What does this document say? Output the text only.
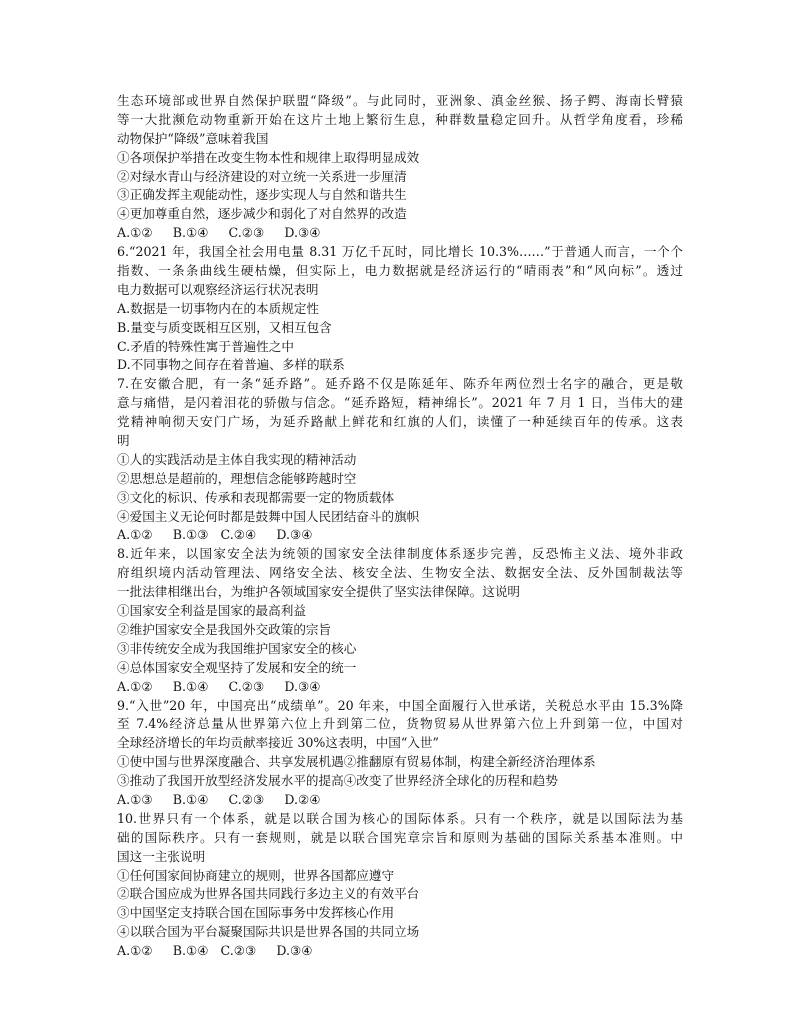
生态环境部或世界自然保护联盟“降级”。与此同时，亚洲象、滇金丝猴、扬子鳄、海南长臂猿
等一大批濒危动物重新开始在这片土地上繁衍生息，种群数量稳定回升。从哲学角度看，珍稀
动物保护“降级”意味着我国
①各项保护举措在改变生物本性和规律上取得明显成效
②对绿水青山与经济建设的对立统一关系进一步厘清
③正确发挥主观能动性，逐步实现人与自然和谐共生
④更加尊重自然，逐步减少和弱化了对自然界的改造
A.①② B.①④ C.②③ D.③④
6.“2021 年，我国全社会用电量 8.31 万亿千瓦时，同比增长 10.3%……”于普通人而言，一个个
指数、一条条曲线生硬枯燥，但实际上，电力数据就是经济运行的“晴雨表”和“风向标”。透过
电力数据可以观察经济运行状况表明
A.数据是一切事物内在的本质规定性
B.量变与质变既相互区别，又相互包含
C.矛盾的特殊性寓于普遍性之中
D.不同事物之间存在着普遍、多样的联系
7.在安徽合肥，有一条“延乔路”。延乔路不仅是陈延年、陈乔年两位烈士名字的融合，更是敬
意与痛惜，是闪着泪花的骄傲与信念。“延乔路短，精神绵长”。2021 年 7 月 1 日，当伟大的建
党精神响彻天安门广场，为延乔路献上鲜花和红旗的人们，读懂了一种延续百年的传承。这表
明
①人的实践活动是主体自我实现的精神活动
②思想总是超前的，理想信念能够跨越时空
③文化的标识、传承和表现都需要一定的物质载体
④爱国主义无论何时都是鼓舞中国人民团结奋斗的旗帜
A.①② B.①③ C.②④ D.③④
8.近年来，以国家安全法为统领的国家安全法律制度体系逐步完善，反恐怖主义法、境外非政
府组织境内活动管理法、网络安全法、核安全法、生物安全法、数据安全法、反外国制裁法等
一批法律相继出台，为维护各领域国家安全提供了坚实法律保障。这说明
①国家安全利益是国家的最高利益
②维护国家安全是我国外交政策的宗旨
③非传统安全成为我国维护国家安全的核心
④总体国家安全观坚持了发展和安全的统一
A.①② B.①④ C.②③ D.③④
9.“入世”20 年，中国亮出“成绩单”。20 年来，中国全面履行入世承诺，关税总水平由 15.3%降
至 7.4%经济总量从世界第六位上升到第二位，货物贸易从世界第六位上升到第一位，中国对
全球经济增长的年均贡献率接近 30%这表明，中国“入世”
①使中国与世界深度融合、共享发展机遇②推翻原有贸易体制，构建全新经济治理体系
③推动了我国开放型经济发展水平的提高④改变了世界经济全球化的历程和趋势
A.①③ B.①④ C.②③ D.②④
10.世界只有一个体系，就是以联合国为核心的国际体系。只有一个秩序，就是以国际法为基
础的国际秩序。只有一套规则，就是以联合国宪章宗旨和原则为基础的国际关系基本准则。中
国这一主张说明
①任何国家间协商建立的规则，世界各国都应遵守
②联合国应成为世界各国共同践行多边主义的有效平台
③中国坚定支持联合国在国际事务中发挥核心作用
④以联合国为平台凝聚国际共识是世界各国的共同立场
A.①② B.①④ C.②③ D.③④
